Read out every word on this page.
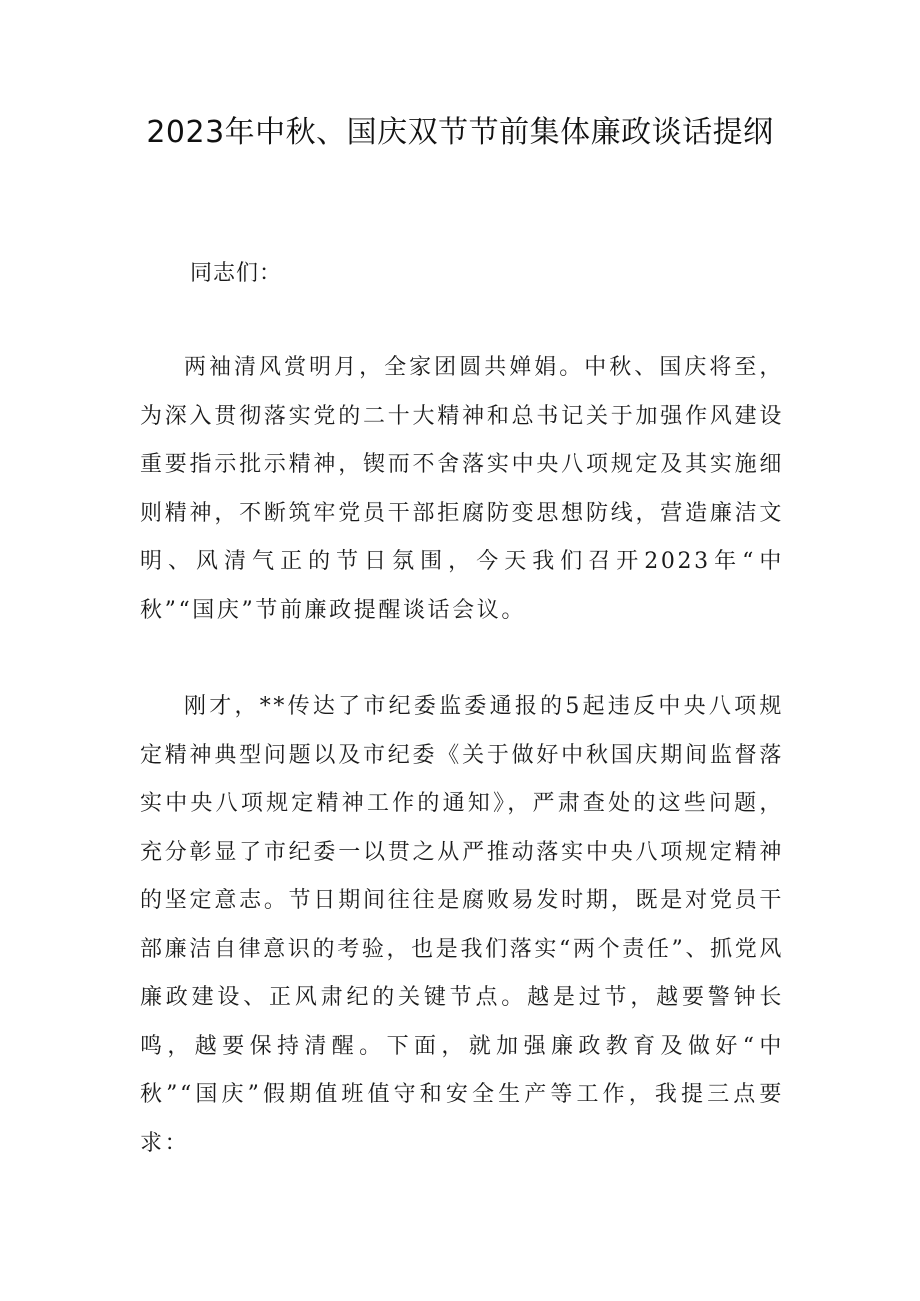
2023年中秋、国庆双节节前集体廉政谈话提纲

同志们：

两袖清风赏明月，全家团圆共婵娟。中秋、国庆将至，为深入贯彻落实党的二十大精神和总书记关于加强作风建设重要指示批示精神，锲而不舍落实中央八项规定及其实施细则精神，不断筑牢党员干部拒腐防变思想防线，营造廉洁文明、风清气正的节日氛围，今天我们召开2023年“中秋”“国庆”节前廉政提醒谈话会议。

刚才，**传达了市纪委监委通报的5起违反中央八项规定精神典型问题以及市纪委《关于做好中秋国庆期间监督落实中央八项规定精神工作的通知》，严肃查处的这些问题，充分彰显了市纪委一以贯之从严推动落实中央八项规定精神的坚定意志。节日期间往往是腐败易发时期，既是对党员干部廉洁自律意识的考验，也是我们落实“两个责任”、抓党风廉政建设、正风肃纪的关键节点。越是过节，越要警钟长鸣，越要保持清醒。下面，就加强廉政教育及做好“中秋”“国庆”假期值班值守和安全生产等工作，我提三点要求：
